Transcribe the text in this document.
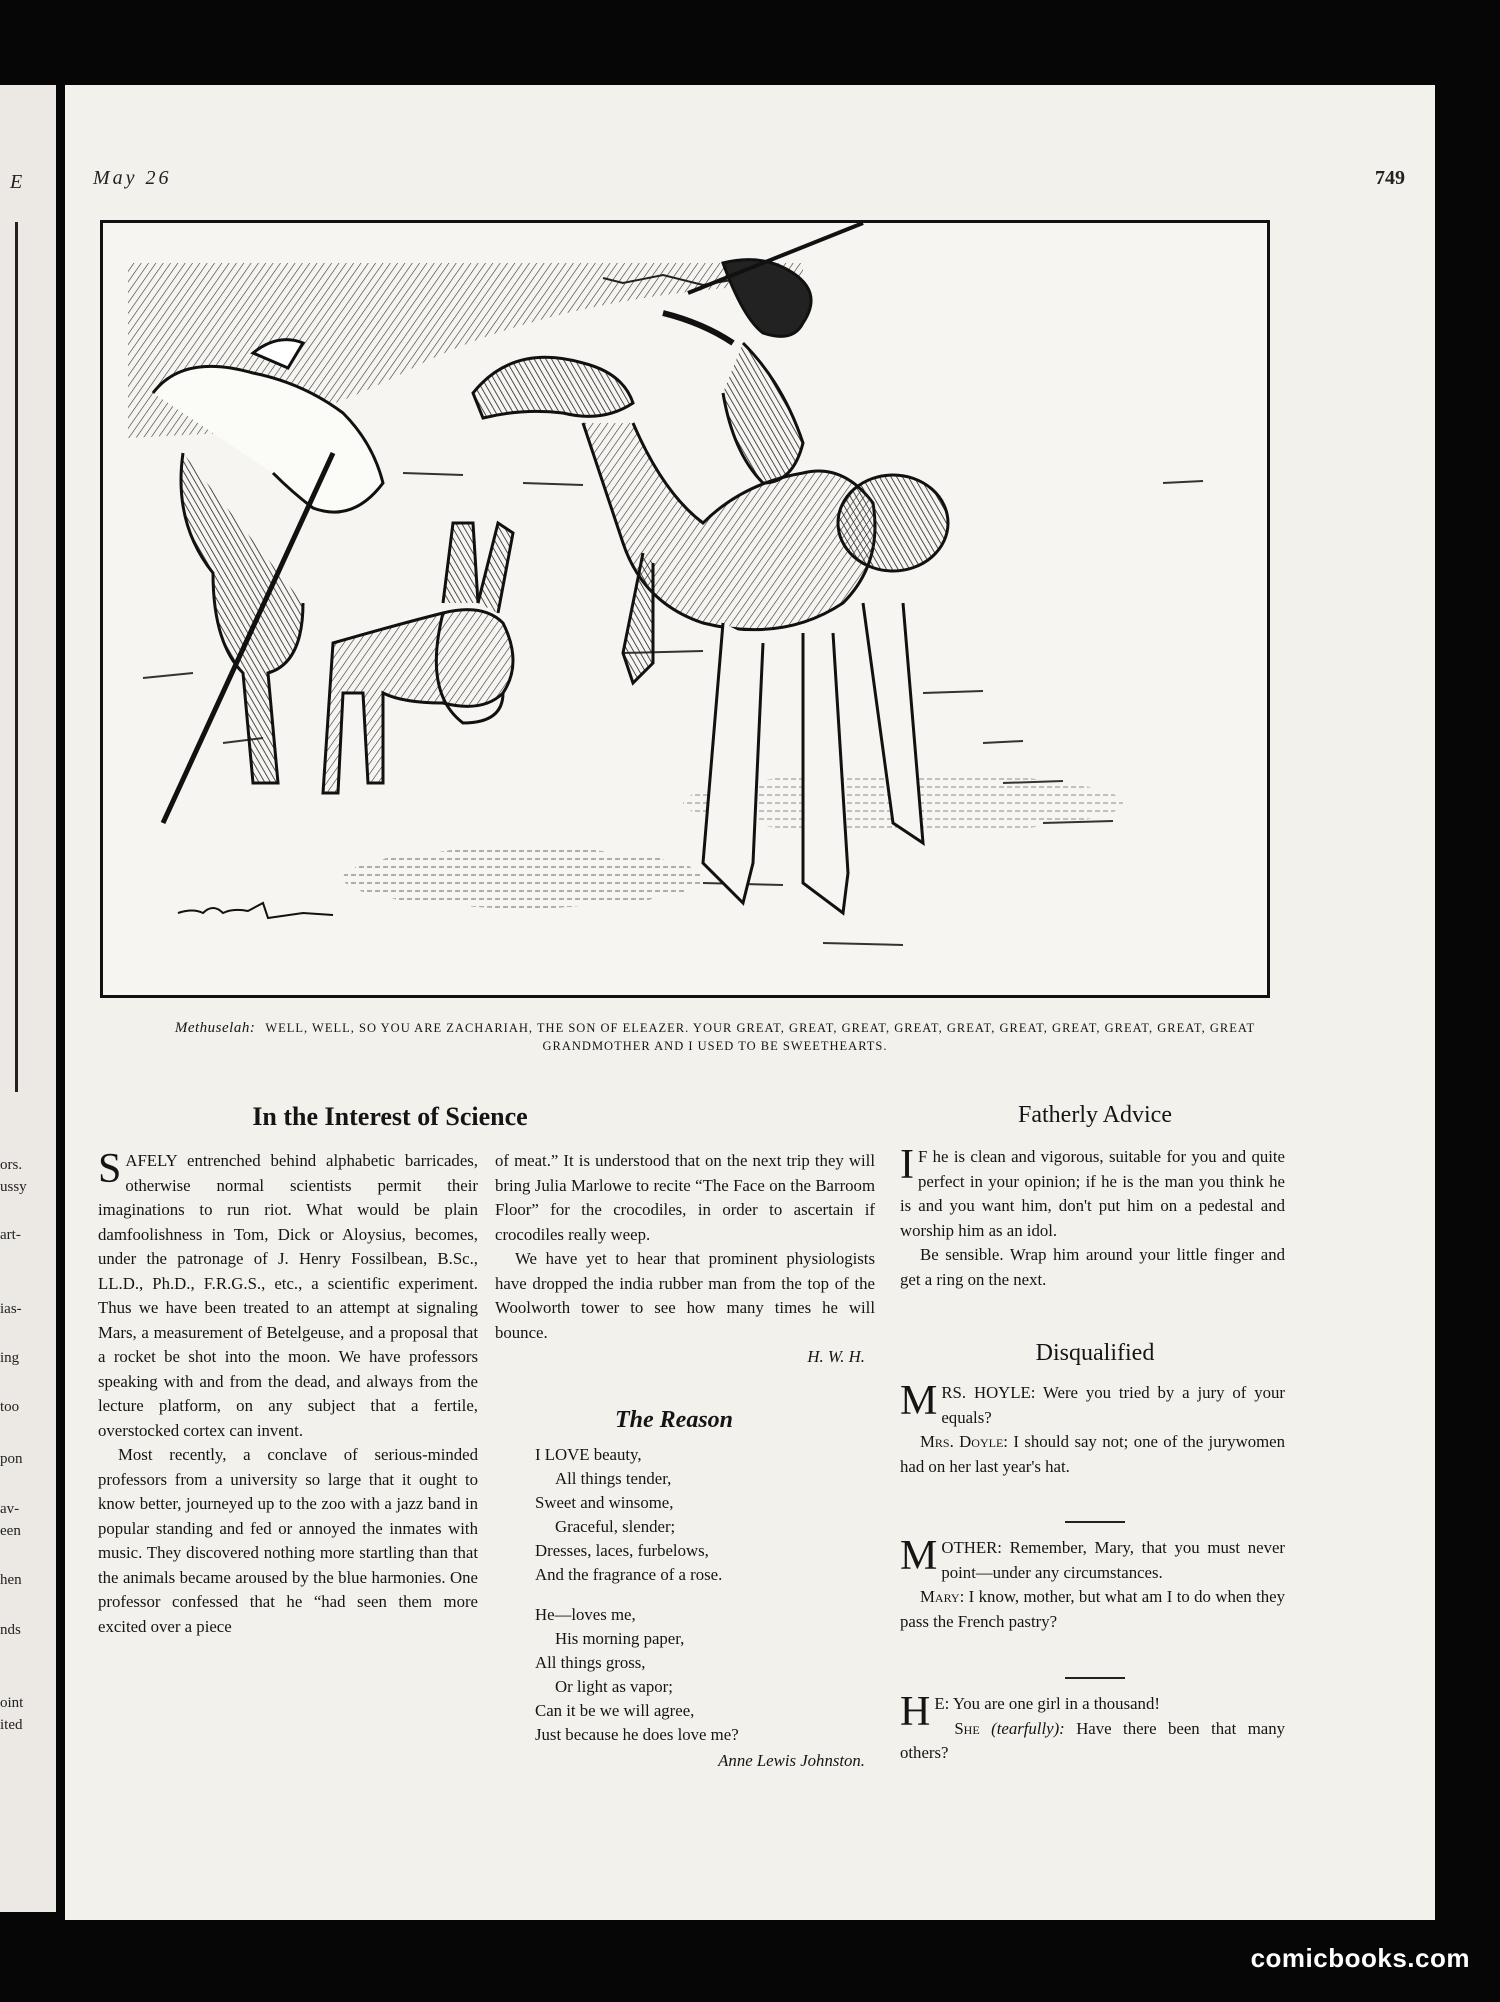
E
ors.
ussy
art-
ias-
ing
too
pon
av-
een
hen
nds
oint
ited
May 26	749
Methuselah: WELL, WELL, SO YOU ARE ZACHARIAH, THE SON OF ELEAZER. YOUR GREAT, GREAT, GREAT, GREAT, GREAT, GREAT, GREAT, GREAT, GREAT, GREAT GRANDMOTHER AND I USED TO BE SWEETHEARTS.
In the Interest of Science

SAFELY entrenched behind alphabetic barricades, otherwise normal scientists permit their imaginations to run riot. What would be plain damfoolishness in Tom, Dick or Aloysius, becomes, under the patronage of J. Henry Fossilbean, B.Sc., LL.D., Ph.D., F.R.G.S., etc., a scientific experiment. Thus we have been treated to an attempt at signaling Mars, a measurement of Betelgeuse, and a proposal that a rocket be shot into the moon. We have professors speaking with and from the dead, and always from the lecture platform, on any subject that a fertile, overstocked cortex can invent.

Most recently, a conclave of serious-minded professors from a university so large that it ought to know better, journeyed up to the zoo with a jazz band in popular standing and fed or annoyed the inmates with music. They discovered nothing more startling than that the animals became aroused by the blue harmonies. One professor confessed that he “had seen them more excited over a piece

of meat.” It is understood that on the next trip they will bring Julia Marlowe to recite “The Face on the Barroom Floor” for the crocodiles, in order to ascertain if crocodiles really weep.

We have yet to hear that prominent physiologists have dropped the india rubber man from the top of the Woolworth tower to see how many times he will bounce.

H. W. H.
The Reason
I LOVE beauty,
All things tender,
Sweet and winsome,
Graceful, slender;
Dresses, laces, furbelows,
And the fragrance of a rose.
He—loves me,
His morning paper,
All things gross,
Or light as vapor;
Can it be we will agree,
Just because he does love me?
Anne Lewis Johnston.
Fatherly Advice

I F he is clean and vigorous, suitable for you and quite perfect in your opinion; if he is the man you think he is and you want him, don't put him on a pedestal and worship him as an idol.

Be sensible. Wrap him around your little finger and get a ring on the next.

Disqualified

MRS. HOYLE: Were you tried by a jury of your equals?

Mrs. Doyle: I should say not; one of the jurywomen had on her last year's hat.

MOTHER: Remember, Mary, that you must never point—under any circumstances.

Mary: I know, mother, but what am I to do when they pass the French pastry?

H E: You are one girl in a thousand!

She (tearfully): Have there been that many others?

comicbooks.com
